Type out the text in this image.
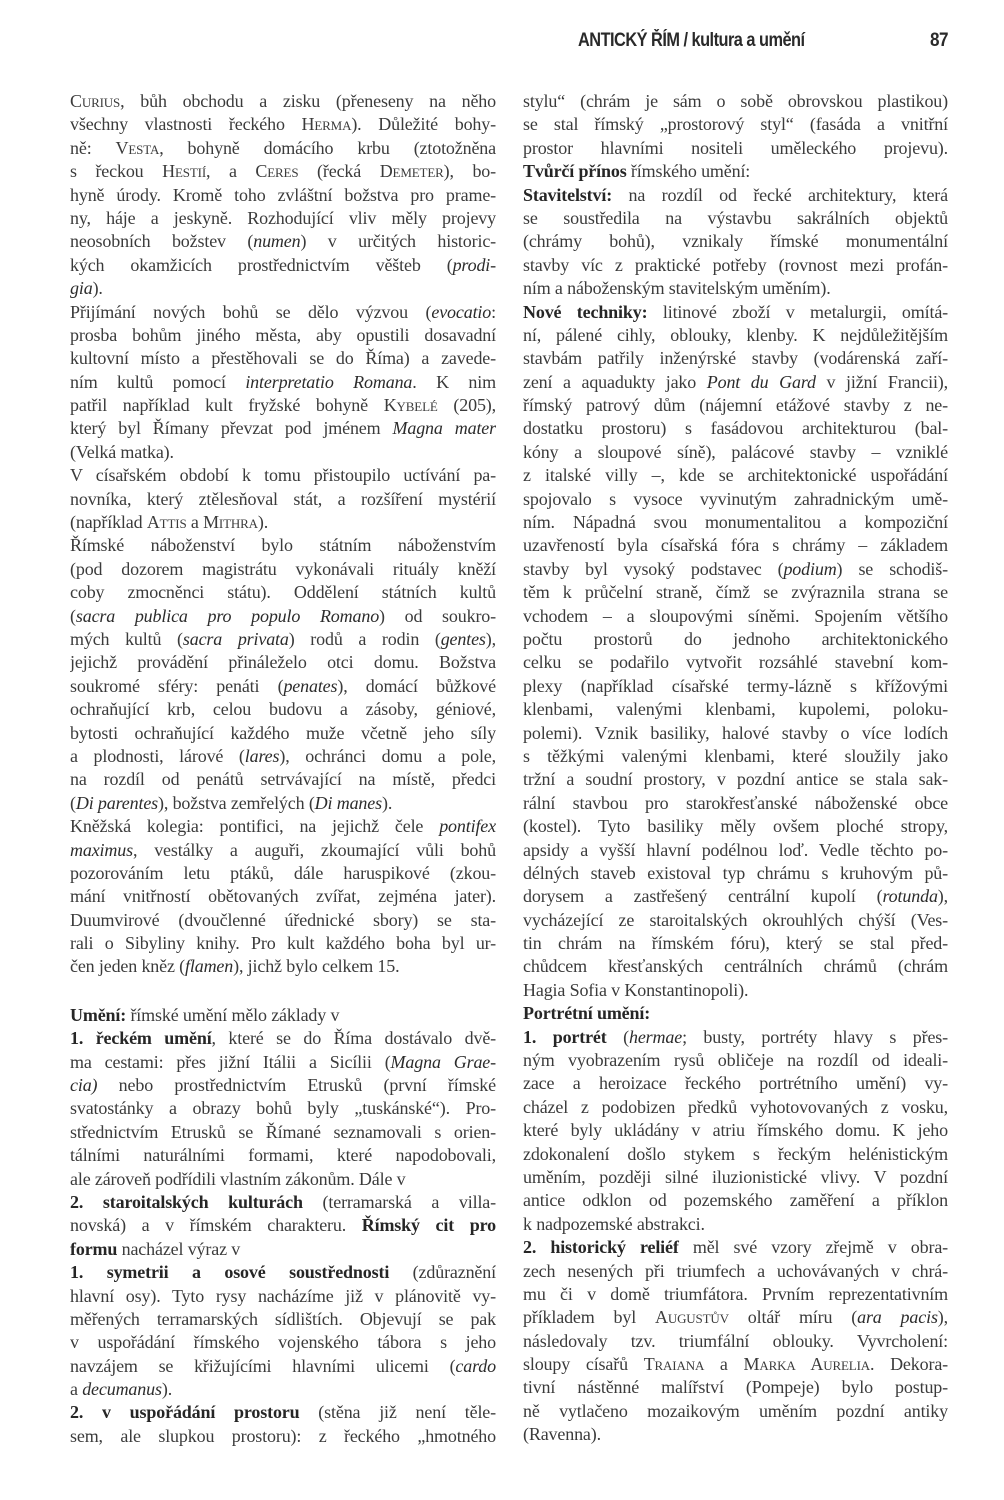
ANTICKÝ ŘÍM / kultura a umění	87
Curius, bůh obchodu a zisku (přeneseny na něho
všechny vlastnosti řeckého Herma). Důležité bohy-
ně: Vesta, bohyně domácího krbu (ztotožněna
s řeckou Hestií, a Ceres (řecká Demeter), bo-
hyně úrody. Kromě toho zvláštní božstva pro prame-
ny, háje a jeskyně. Rozhodující vliv měly projevy
neosobních božstev (numen) v určitých historic-
kých okamžicích prostřednictvím věšteb (prodi-
gia).
Přijímání nových bohů se dělo výzvou (evocatio:
prosba bohům jiného města, aby opustili dosavadní
kultovní místo a přestěhovali se do Říma) a zavede-
ním kultů pomocí interpretatio Romana. K nim
patřil například kult fryžské bohyně Kybelé (205),
který byl Římany převzat pod jménem Magna mater
(Velká matka).
V císařském období k tomu přistoupilo uctívání pa-
novníka, který ztělesňoval stát, a rozšíření mystérií
(například Attis a Mithra).
Římské náboženství bylo státním náboženstvím
(pod dozorem magistrátu vykonávali rituály kněží
coby zmocněnci státu). Oddělení státních kultů
(sacra publica pro populo Romano) od soukro-
mých kultů (sacra privata) rodů a rodin (gentes),
jejichž provádění přináleželo otci domu. Božstva
soukromé sféry: penáti (penates), domácí bůžkové
ochraňující krb, celou budovu a zásoby, géniové,
bytosti ochraňující každého muže včetně jeho síly
a plodnosti, lárové (lares), ochránci domu a pole,
na rozdíl od penátů setrvávající na místě, předci
(Di parentes), božstva zemřelých (Di manes).
Kněžská kolegia: pontifici, na jejichž čele pontifex
maximus, vestálky a auguři, zkoumající vůli bohů
pozorováním letu ptáků, dále haruspikové (zkou-
mání vnitřností obětovaných zvířat, zejména jater).
Duumvirové (dvoučlenné úřednické sbory) se sta-
rali o Sibyliny knihy. Pro kult každého boha byl ur-
čen jeden kněz (flamen), jichž bylo celkem 15.
Umění: římské umění mělo základy v
1. řeckém umění, které se do Říma dostávalo dvě-
ma cestami: přes jižní Itálii a Sicílii (Magna Grae-
cia) nebo prostřednictvím Etrusků (první římské
svatostánky a obrazy bohů byly „tuskánské“). Pro-
střednictvím Etrusků se Římané seznamovali s orien-
tálními naturálními formami, které napodobovali,
ale zároveň podřídili vlastním zákonům. Dále v
2. staroitalských kulturách (terramarská a villa-
novská) a v římském charakteru. Římský cit pro
formu nacházel výraz v
1. symetrii a osové soustřednosti (zdůraznění
hlavní osy). Tyto rysy nacházíme již v plánovitě vy-
měřených terramarských sídlištích. Objevují se pak
v uspořádání římského vojenského tábora s jeho
navzájem se křižujícími hlavními ulicemi (cardo
a decumanus).
2. v uspořádání prostoru (stěna již není těle-
sem, ale slupkou prostoru): z řeckého „hmotného
stylu“ (chrám je sám o sobě obrovskou plastikou)
se stal římský „prostorový styl“ (fasáda a vnitřní
prostor hlavními nositeli uměleckého projevu).
Tvůrčí přínos římského umění:
Stavitelství: na rozdíl od řecké architektury, která
se soustředila na výstavbu sakrálních objektů
(chrámy bohů), vznikaly římské monumentální
stavby víc z praktické potřeby (rovnost mezi profán-
ním a náboženským stavitelským uměním).
Nové techniky: litinové zboží v metalurgii, omítá-
ní, pálené cihly, oblouky, klenby. K nejdůležitějším
stavbám patřily inženýrské stavby (vodárenská zaří-
zení a aquadukty jako Pont du Gard v jižní Francii),
římský patrový dům (nájemní etážové stavby z ne-
dostatku prostoru) s fasádovou architekturou (bal-
kóny a sloupové síně), palácové stavby – vzniklé
z italské villy –, kde se architektonické uspořádání
spojovalo s vysoce vyvinutým zahradnickým umě-
ním. Nápadná svou monumentalitou a kompoziční
uzavřeností byla císařská fóra s chrámy – základem
stavby byl vysoký podstavec (podium) se schodiš-
těm k průčelní straně, čímž se zvýraznila strana se
vchodem – a sloupovými síněmi. Spojením většího
počtu prostorů do jednoho architektonického
celku se podařilo vytvořit rozsáhlé stavební kom-
plexy (například císařské termy-lázně s křížovými
klenbami, valenými klenbami, kupolemi, poloku-
polemi). Vznik basiliky, halové stavby o více lodích
s těžkými valenými klenbami, které sloužily jako
tržní a soudní prostory, v pozdní antice se stala sak-
rální stavbou pro starokřesťanské náboženské obce
(kostel). Tyto basiliky měly ovšem ploché stropy,
apsidy a vyšší hlavní podélnou loď. Vedle těchto po-
délných staveb existoval typ chrámu s kruhovým pů-
dorysem a zastřešený centrální kupolí (rotunda),
vycházející ze staroitalských okrouhlých chýší (Ves-
tin chrám na římském fóru), který se stal před-
chůdcem křesťanských centrálních chrámů (chrám
Hagia Sofia v Konstantinopoli).
Portrétní umění:
1. portrét (hermae; busty, portréty hlavy s přes-
ným vyobrazením rysů obličeje na rozdíl od ideali-
zace a heroizace řeckého portrétního umění) vy-
cházel z podobizen předků vyhotovovaných z vosku,
které byly ukládány v atriu římského domu. K jeho
zdokonalení došlo stykem s řeckým helénistickým
uměním, později silné iluzionistické vlivy. V pozdní
antice odklon od pozemského zaměření a příklon
k nadpozemské abstrakci.
2. historický reliéf měl své vzory zřejmě v obra-
zech nesených při triumfech a uchovávaných v chrá-
mu či v domě triumfátora. Prvním reprezentativním
příkladem byl Augustův oltář míru (ara pacis),
následovaly tzv. triumfální oblouky. Vyvrcholení:
sloupy císařů Traiana a Marka Aurelia. Dekora-
tivní nástěnné malířství (Pompeje) bylo postup-
ně vytlačeno mozaikovým uměním pozdní antiky
(Ravenna).
